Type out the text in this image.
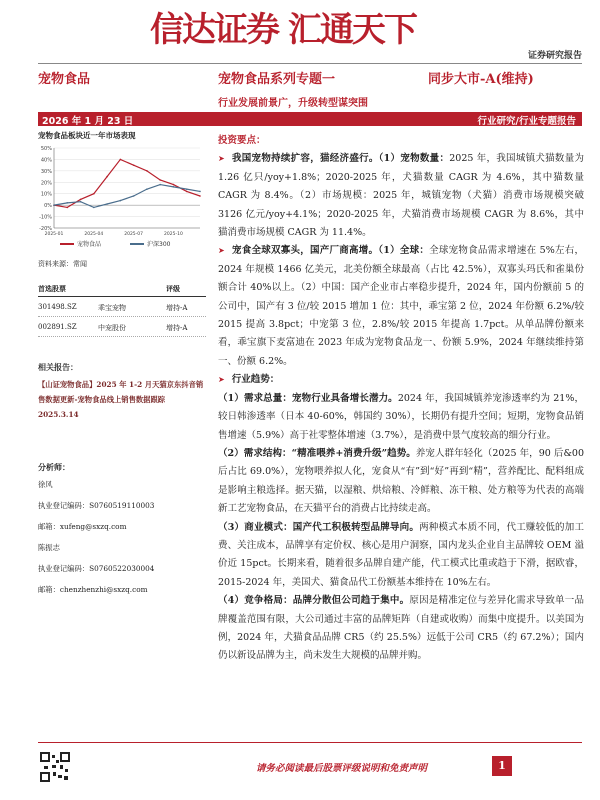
信达证券 汇通天下
证券研究报告
宠物食品	宠物食品系列专题一	同步大市-A(维持)
行业发展前景广，升级转型谋突围
2026 年 1 月 23 日	行业研究/行业专题报告
宠物食品板块近一年市场表现
-20%
-10%
0%
10%
20%
30%
40%
50%
2025-01	2025-04	2025-07	2025-10
宠物食品	沪深300
资料来源：常闻
首选股票	评级
301498.SZ	乖宝宠物	增持-A
002891.SZ	中宠股份	增持-A
相关报告：
【山证宠物食品】2025 年 1-2 月天猫京东抖音销售数据更新-宠物食品线上销售数据跟踪 2025.3.14
分析师：
徐风
执业登记编码：S0760519110003
邮箱：xufeng@sxzq.com
陈振志
执业登记编码：S0760522030004
邮箱：chenzhenzhi@sxzq.com
投资要点：

➤ 我国宠物持续扩容，猫经济盛行。（1）宠物数量：2025 年，我国城镇犬猫数量为 1.26 亿只/yoy+1.8%；2020-2025 年，犬猫数量 CAGR 为 4.6%，其中猫数量 CAGR 为 8.4%。（2）市场规模：2025 年，城镇宠物（犬猫）消费市场规模突破 3126 亿元/yoy+4.1%；2020-2025 年，犬猫消费市场规模 CAGR 为 8.6%，其中猫消费市场规模 CAGR 为 11.4%。

➤ 宠食全球双寡头，国产厂商高增。（1）全球：全球宠物食品需求增速在 5%左右，2024 年规模 1466 亿美元，北美份额全球最高（占比 42.5%），双寡头玛氏和雀巢份额合计 40%以上。（2）中国：国产企业市占率稳步提升，2024 年，国内份额前 5 的公司中，国产有 3 位/较 2015 增加 1 位：其中，乖宝第 2 位，2024 年份额 6.2%/较 2015 提高 3.8pct；中宠第 3 位，2.8%/较 2015 年提高 1.7pct。从单品牌份额来看，乖宝旗下麦富迪在 2023 年成为宠物食品龙一、份额 5.9%，2024 年继续维持第一、份额 6.2%。

➤ 行业趋势：

（1）需求总量：宠物行业具备增长潜力。2024 年，我国城镇养宠渗透率约为 21%，较日韩渗透率（日本 40-60%，韩国约 30%），长期仍有提升空间；短期，宠物食品销售增速（5.9%）高于社零整体增速（3.7%），是消费中景气度较高的细分行业。

（2）需求结构：“精准喂养+消费升级”趋势。养宠人群年轻化（2025 年，90 后&00 后占比 69.0%），宠物喂养拟人化，宠食从“有”到“好”再到“精”，营养配比、配料组成是影响主粮选择。据天猫，以湿粮、烘焙粮、冷鲜粮、冻干粮、处方粮等为代表的高端新工艺宠物食品，在天猫平台的消费占比持续走高。

（3）商业模式：国产代工积极转型品牌导向。两种模式本质不同，代工赚较低的加工费、关注成本，品牌享有定价权、核心是用户洞察，国内龙头企业自主品牌较 OEM 溢价近 15pct。长期来看，随着很多品牌自建产能，代工模式比重或趋于下滑，据欧睿，2015-2024 年，美国犬、猫食品代工份额基本维持在 10%左右。

（4）竞争格局：品牌分散但公司趋于集中。原因是精准定位与差异化需求导致单一品牌覆盖范围有限，大公司通过丰富的品牌矩阵（自建或收购）而集中度提升。以美国为例，2024 年，犬猫食品品牌 CR5（约 25.5%）远低于公司 CR5（约 67.2%）；国内仍以新设品牌为主，尚未发生大规模的品牌并购。

请务必阅读最后股票评级说明和免责声明	1
